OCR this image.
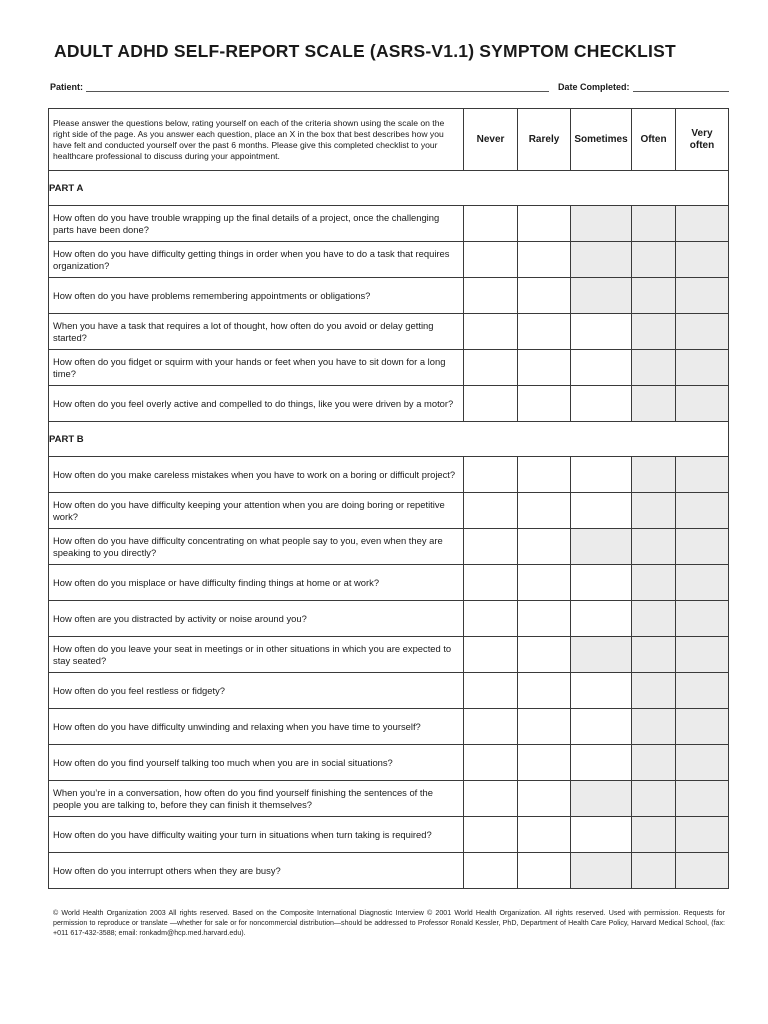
ADULT ADHD SELF-REPORT SCALE (ASRS-V1.1) SYMPTOM CHECKLIST
Patient:	Date Completed:
Please answer the questions below, rating yourself on each of the criteria shown using the scale on the right side of the page. As you answer each question, place an X in the box that best describes how you have felt and conducted yourself over the past 6 months. Please give this completed checklist to your healthcare professional to discuss during your appointment.	Never	Rarely	Sometimes	Often	Very often
PART A					
How often do you have trouble wrapping up the final details of a project, once the challenging parts have been done?					
How often do you have difficulty getting things in order when you have to do a task that requires organization?					
How often do you have problems remembering appointments or obligations?					
When you have a task that requires a lot of thought, how often do you avoid or delay getting started?					
How often do you fidget or squirm with your hands or feet when you have to sit down for a long time?					
How often do you feel overly active and compelled to do things, like you were driven by a motor?					
PART B					
How often do you make careless mistakes when you have to work on a boring or difficult project?					
How often do you have difficulty keeping your attention when you are doing boring or repetitive work?					
How often do you have difficulty concentrating on what people say to you, even when they are speaking to you directly?					
How often do you misplace or have difficulty finding things at home or at work?					
How often are you distracted by activity or noise around you?					
How often do you leave your seat in meetings or in other situations in which you are expected to stay seated?					
How often do you feel restless or fidgety?					
How often do you have difficulty unwinding and relaxing when you have time to yourself?					
How often do you find yourself talking too much when you are in social situations?					
When you’re in a conversation, how often do you find yourself finishing the sentences of the people you are talking to, before they can finish it themselves?					
How often do you have difficulty waiting your turn in situations when turn taking is required?					
How often do you interrupt others when they are busy?					
© World Health Organization 2003 All rights reserved. Based on the Composite International Diagnostic Interview © 2001 World Health Organization. All rights reserved. Used with permission. Requests for permission to reproduce or translate —whether for sale or for noncommercial distribution—should be addressed to Professor Ronald Kessler, PhD, Department of Health Care Policy, Harvard Medical School, (fax: +011 617-432-3588; email: ronkadm@hcp.med.harvard.edu).
